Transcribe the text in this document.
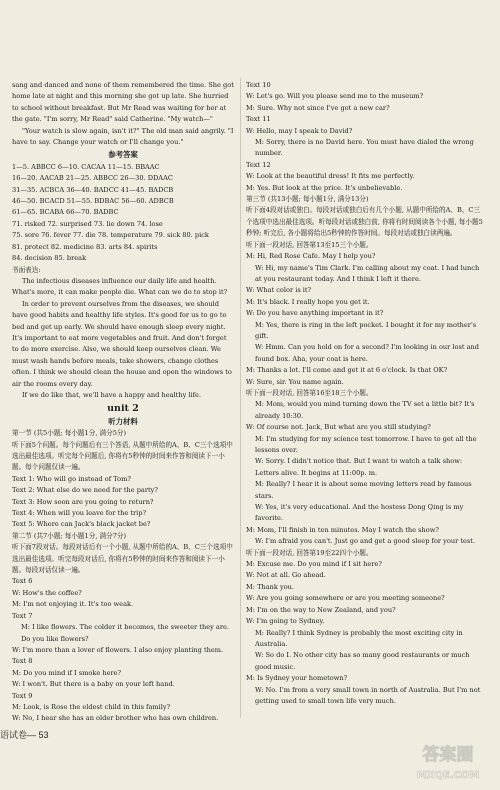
sang and danced and none of them remembered the time. She got home late at night and this morning she got up late. She hurried to school without breakfast. But Mr Read was waiting for her at the gate. "I'm sorry, Mr Read" said Catherine. "My watch—"

"Your watch is slow again, isn't it?" The old man said angrily. "I have to say. Change your watch or I'll change you."

参考答案

1—5. ABBCC 6—10. CACAA 11—15. BBAAC

16—20. AACAB 21—25. ABBCC 26—30. DDAAC

31—35. ACBCA 36—40. BADCC 41—45. BADCB

46—50. BCACD 51—55. BDBAC 56—60. ADBCB

61—65. BCABA 66—70. BADBC

71. risked 72. surprised 73. lie down 74. lose

75. sore 76. fever 77. die 78. temperature 79. sick 80. pick

81. protect 82. medicine 83. arts 84. spirits

84. decision 85. break

书面表达:

The infectious diseases influence our daily life and health. What's more, it can make people die. What can we do to stop it?

In order to prevent ourselves from the diseases, we should have good habits and healthy life styles. It's good for us to go to bed and get up early. We should have enough sleep every night. It's important to eat more vegetables and fruit. And don't forget to do more exercise. Also, we should keep ourselves clean. We must wash hands before meals, take showers, change clothes often. I think we should clean the house and open the windows to air the rooms every day.

If we do like that, we'll have a happy and healthy life.

unit 2
听力材料

第一节 (共5小题; 每小题1分, 满分5分)

听下面5个问题。每个问题后有三个答语, 从题中所给的A、B、C三个选项中选出最佳选项。听完每个问题后, 你将有5秒钟的时间来作答和阅读下一小题。每个问题仅读一遍。

Text 1: Who will go instead of Tom?

Text 2: What else do we need for the party?

Text 3: How soon are you going to return?

Text 4: When will you leave for the trip?

Text 5: Where can Jack's black jacket be?

第二节 (共7小题; 每小题1分, 满分7分)

听下面7段对话。每段对话后有一个小题, 从题中所给的A、B、C三个选项中选出最佳选项。听完每段对话后, 你将有5秒钟的时间来作答和阅读下一小题。每段对话仅读一遍。

Text 6

W: How's the coffee?

M: I'm not enjoying it. It's too weak.

Text 7

M: I like flowers. The colder it becomes, the sweeter they are. Do you like flowers?

W: I'm more than a lover of flowers. I also enjoy planting them.

Text 8

M: Do you mind if I smoke here?

W: I won't. But there is a baby on your left hand.

Text 9

M: Look, is Rose the eldest child in this family?

W: No, I hear she has an older brother who has own children.

Text 10

W: Let's go. Will you please send me to the museum?

M: Sure. Why not since I've got a new car?

Text 11

W: Hello, may I speak to David?

M: Sorry, there is no David here. You must have dialed the wrong number.

Text 12

W: Look at the beautiful dress! It fits me perfectly.

M: Yes. But look at the price. It's unbelievable.

第三节 (共13小题; 每小题1分, 满分13分)

听下面4段对话或独白。每段对话或独白后有几个小题, 从题中所给的A、B、C三个选项中选出最佳选项。听每段对话或独白前, 你将有时间阅读各个小题, 每小题5秒钟; 听完后, 各小题将给出5秒钟的作答时间。每段对话或独白读两遍。

听下面一段对话, 回答第13至15三个小题。

M: Hi, Red Rose Cafe. May I help you?

W: Hi, my name's Tim Clark. I'm calling about my coat. I had lunch at you restaurant today. And I think I left it there.

W: What color is it?

M: It's black. I really hope you get it.

W: Do you have anything important in it?

M: Yes, there is ring in the left pocket. I bought it for my mother's gift.

W: Hmm. Can you hold on for a second? I'm looking in our lost and found box. Aha, your coat is here.

M: Thanks a lot. I'll come and get it at 6 o'clock. Is that OK?

W: Sure, sir. You name again.

听下面一段对话, 回答第16至18三个小题。

M: Mom, would you mind turning down the TV set a little bit? It's already 10:30.

W: Of course not. Jack, But what are you still studying?

M: I'm studying for my science test tomorrow. I have to get all the lessons over.

W: Sorry. I didn't notice that. But I want to watch a talk show: Letters alive. It begins at 11:00p. m.

M: Really? I hear it is about some moving letters read by famous stars.

W: Yes, it's very educational. And the hostess Dong Qing is my favorite.

M: Mom, I'll finish in ten minutes. May I watch the show?

W: I'm afraid you can't. Just go and get a good sleep for your test.

听下面一段对话, 回答第19至22四个小题。

M: Excuse me. Do you mind if I sit here?

W: Not at all. Go ahead.

M: Thank you.

W: Are you going somewhere or are you meeting someone?

M: I'm on the way to New Zealand, and you?

W: I'm going to Sydney.

M: Really? I think Sydney is probably the most exciting city in Australia.

W: So do I. No other city has so many good restaurants or much good music.

M: Is Sydney your hometown?

W: No. I'm from a very small town in north of Australia. But I'm not getting used to small town life very much.

语试卷— 53
答案圈
MXQE.COM
